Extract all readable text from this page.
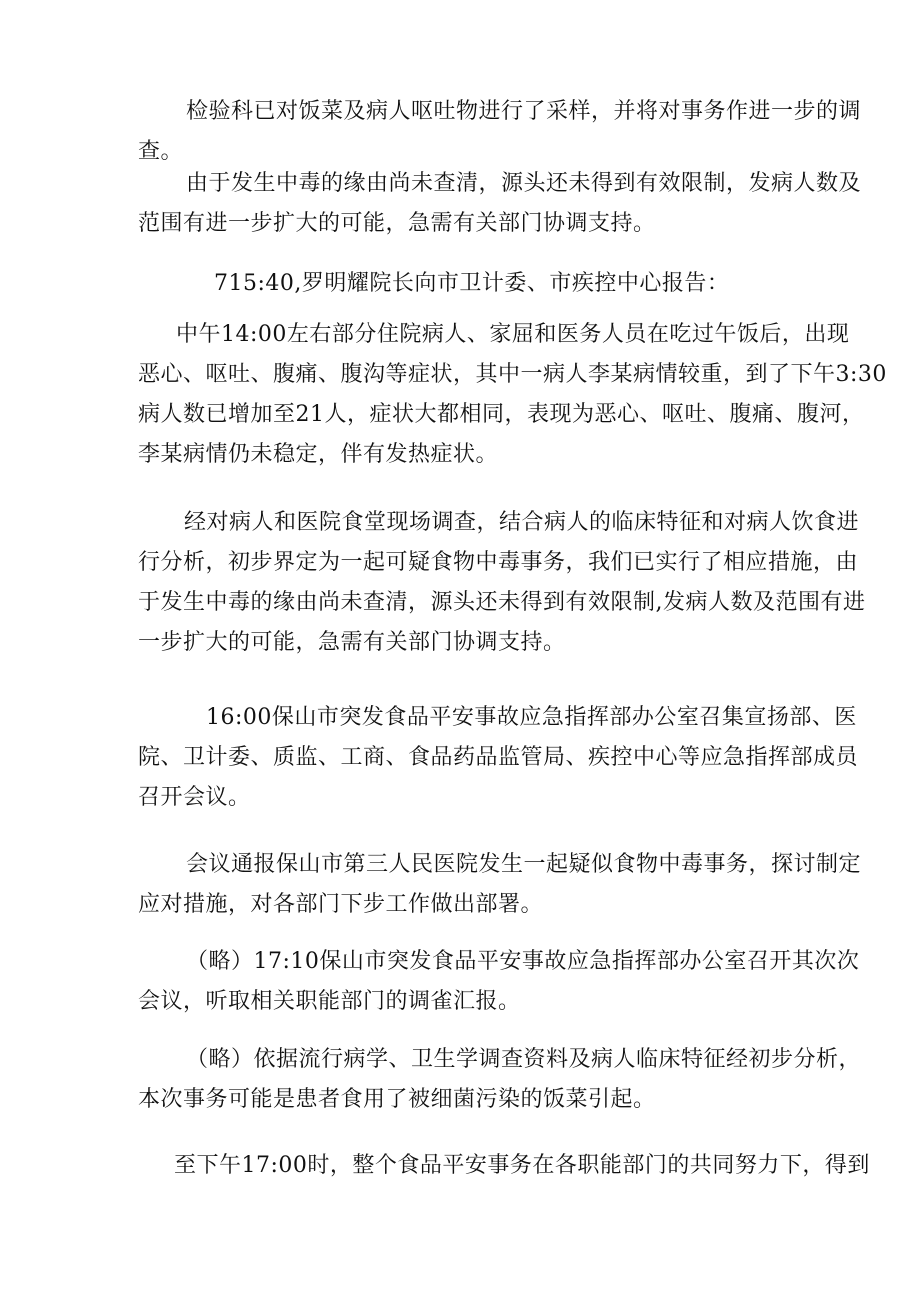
检验科已对饭菜及病人呕吐物进行了采样，并将对事务作进一步的调
查。
由于发生中毒的缘由尚未查清，源头还未得到有效限制，发病人数及
范围有进一步扩大的可能，急需有关部门协调支持。
715:40,罗明耀院长向市卫计委、市疾控中心报告：
中午14:00左右部分住院病人、家屈和医务人员在吃过午饭后，出现
恶心、呕吐、腹痛、腹沟等症状，其中一病人李某病情较重，到了下午3:30
病人数已增加至21人，症状大都相同，表现为恶心、呕吐、腹痛、腹河，
李某病情仍未稳定，伴有发热症状。
经对病人和医院食堂现场调查，结合病人的临床特征和对病人饮食进
行分析，初步界定为一起可疑食物中毒事务，我们已实行了相应措施，由
于发生中毒的缘由尚未查清，源头还未得到有效限制,发病人数及范围有进
一步扩大的可能，急需有关部门协调支持。
16:00保山市突发食品平安事故应急指挥部办公室召集宣扬部、医
院、卫计委、质监、工商、食品药品监管局、疾控中心等应急指挥部成员
召开会议。
会议通报保山市第三人民医院发生一起疑似食物中毒事务，探讨制定
应对措施，对各部门下步工作做出部署。
（略）17:10保山市突发食品平安事故应急指挥部办公室召开其次次
会议，听取相关职能部门的调雀汇报。
（略）依据流行病学、卫生学调查资料及病人临床特征经初步分析，
本次事务可能是患者食用了被细菌污染的饭菜引起。
至下午17:00时，整个食品平安事务在各职能部门的共同努力下，得到
